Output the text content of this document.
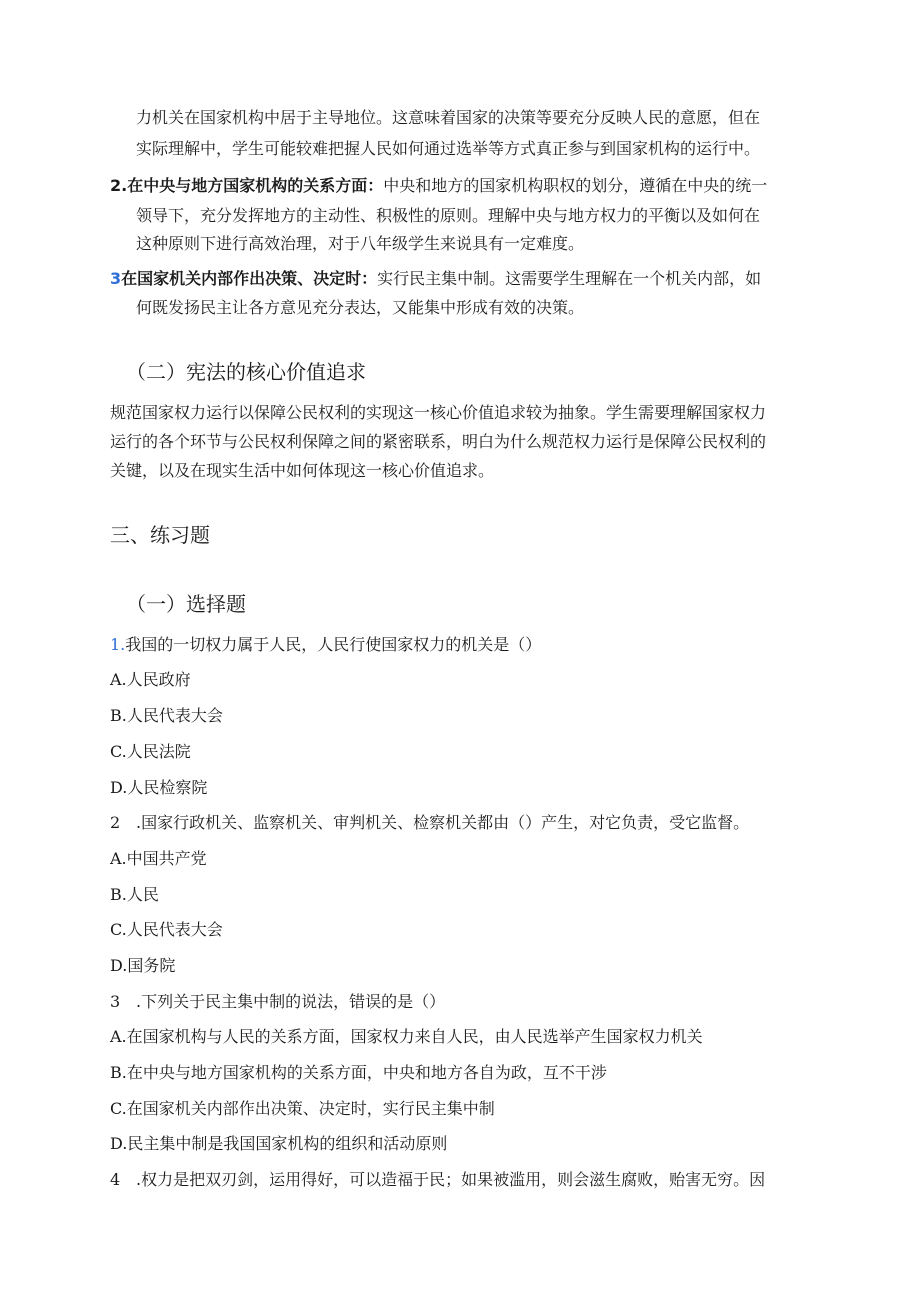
力机关在国家机构中居于主导地位。这意味着国家的决策等要充分反映人民的意愿，但在
实际理解中，学生可能较难把握人民如何通过选举等方式真正参与到国家机构的运行中。
2.在中央与地方国家机构的关系方面：中央和地方的国家机构职权的划分，遵循在中央的统一
领导下，充分发挥地方的主动性、积极性的原则。理解中央与地方权力的平衡以及如何在
这种原则下进行高效治理，对于八年级学生来说具有一定难度。
3在国家机关内部作出决策、决定时：实行民主集中制。这需要学生理解在一个机关内部，如
何既发扬民主让各方意见充分表达，又能集中形成有效的决策。
（二）宪法的核心价值追求
规范国家权力运行以保障公民权利的实现这一核心价值追求较为抽象。学生需要理解国家权力
运行的各个环节与公民权利保障之间的紧密联系，明白为什么规范权力运行是保障公民权利的
关键，以及在现实生活中如何体现这一核心价值追求。
三、练习题
（一）选择题
1.我国的一切权力属于人民，人民行使国家权力的机关是（）
A.人民政府
B.人民代表大会
C.人民法院
D.人民检察院
2 .国家行政机关、监察机关、审判机关、检察机关都由（）产生，对它负责，受它监督。
A.中国共产党
B.人民
C.人民代表大会
D.国务院
3 .下列关于民主集中制的说法，错误的是（）
A.在国家机构与人民的关系方面，国家权力来自人民，由人民选举产生国家权力机关
B.在中央与地方国家机构的关系方面，中央和地方各自为政，互不干涉
C.在国家机关内部作出决策、决定时，实行民主集中制
D.民主集中制是我国国家机构的组织和活动原则
4 .权力是把双刃剑，运用得好，可以造福于民；如果被滥用，则会滋生腐败，贻害无穷。因
